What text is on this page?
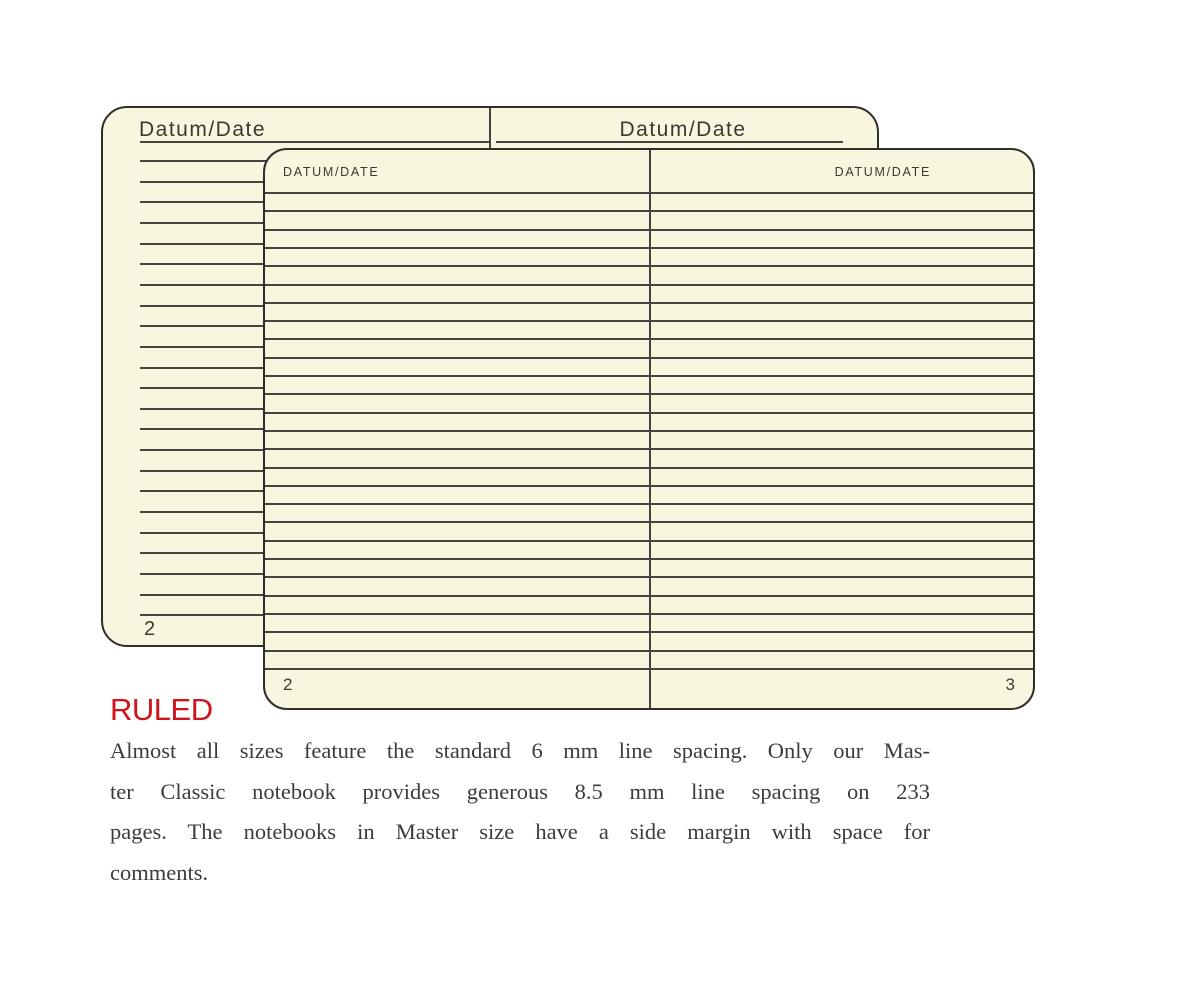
Datum/Date	Datum/Date
2
DATUM/DATE	DATUM/DATE
2	3
RULED
Almost all sizes feature the standard 6 mm line spacing. Only our Mas-
ter Classic notebook provides generous 8.5 mm line spacing on 233
pages. The notebooks in Master size have a side margin with space for
comments.
